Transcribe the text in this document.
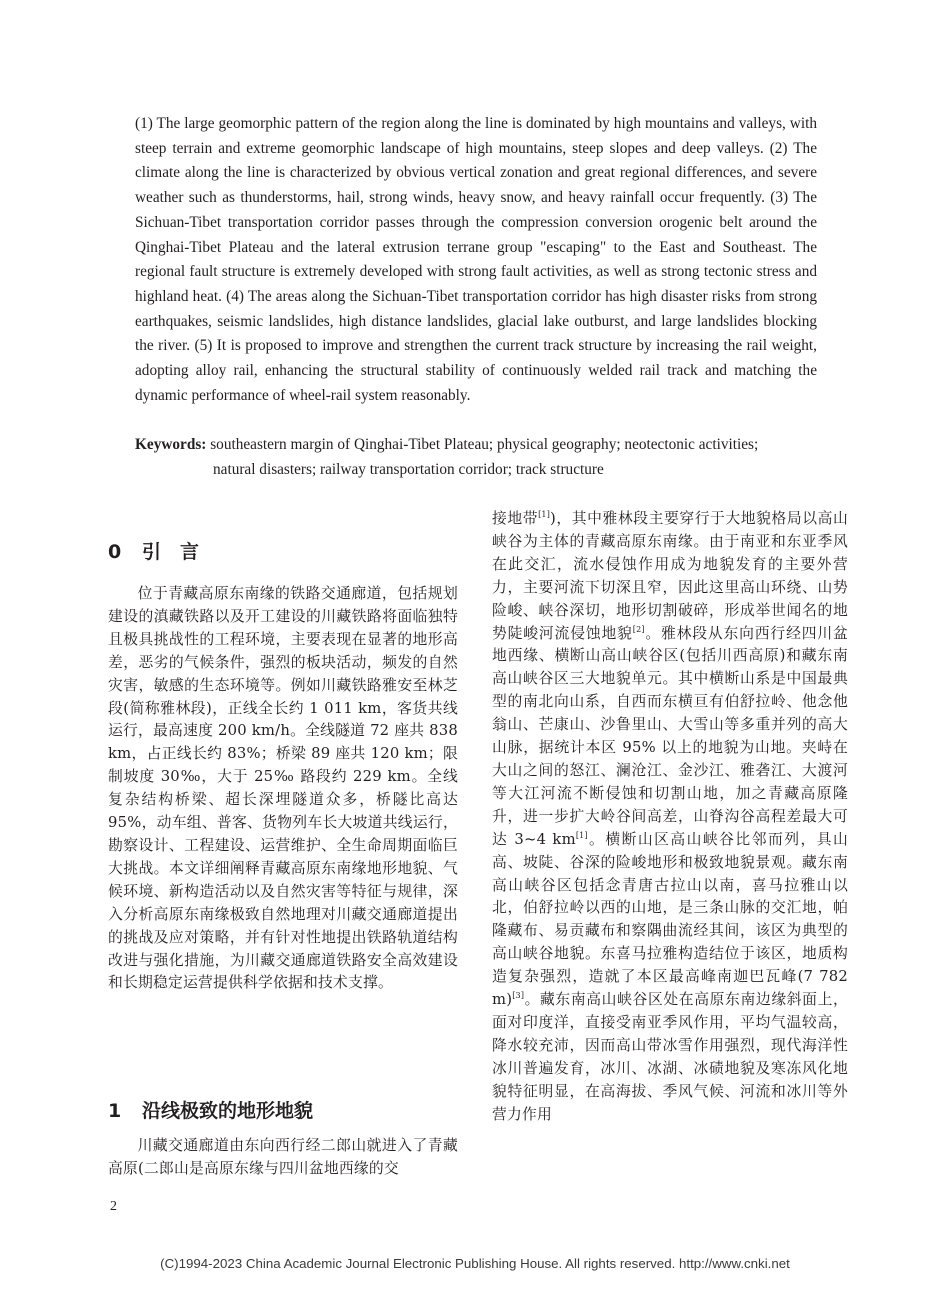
(1) The large geomorphic pattern of the region along the line is dominated by high mountains and valleys, with steep terrain and extreme geomorphic landscape of high mountains, steep slopes and deep valleys. (2) The climate along the line is characterized by obvious vertical zonation and great regional differences, and severe weather such as thunderstorms, hail, strong winds, heavy snow, and heavy rainfall occur frequently. (3) The Sichuan-Tibet transportation corridor passes through the compression conversion orogenic belt around the Qinghai-Tibet Plateau and the lateral extrusion terrane group "escaping" to the East and Southeast. The regional fault structure is extremely developed with strong fault activities, as well as strong tectonic stress and highland heat. (4) The areas along the Sichuan-Tibet transportation corridor has high disaster risks from strong earthquakes, seismic landslides, high distance landslides, glacial lake outburst, and large landslides blocking the river. (5) It is proposed to improve and strengthen the current track structure by increasing the rail weight, adopting alloy rail, enhancing the structural stability of continuously welded rail track and matching the dynamic performance of wheel-rail system reasonably.
Keywords: southeastern margin of Qinghai-Tibet Plateau; physical geography; neotectonic activities;
natural disasters; railway transportation corridor; track structure
0 引　言
位于青藏高原东南缘的铁路交通廊道，包括规划建设的滇藏铁路以及开工建设的川藏铁路将面临独特且极具挑战性的工程环境，主要表现在显著的地形高差，恶劣的气候条件，强烈的板块活动，频发的自然灾害，敏感的生态环境等。例如川藏铁路雅安至林芝段(简称雅林段)，正线全长约 1 011 km，客货共线运行，最高速度 200 km/h。全线隧道 72 座共 838 km，占正线长约 83%；桥梁 89 座共 120 km；限制坡度 30‰，大于 25‰ 路段约 229 km。全线复杂结构桥梁、超长深埋隧道众多，桥隧比高达 95%，动车组、普客、货物列车长大坡道共线运行，勘察设计、工程建设、运营维护、全生命周期面临巨大挑战。本文详细阐释青藏高原东南缘地形地貌、气候环境、新构造活动以及自然灾害等特征与规律，深入分析高原东南缘极致自然地理对川藏交通廊道提出的挑战及应对策略，并有针对性地提出铁路轨道结构改进与强化措施，为川藏交通廊道铁路安全高效建设和长期稳定运营提供科学依据和技术支撑。
1 沿线极致的地形地貌
川藏交通廊道由东向西行经二郎山就进入了青藏高原(二郎山是高原东缘与四川盆地西缘的交
接地带[1])，其中雅林段主要穿行于大地貌格局以高山峡谷为主体的青藏高原东南缘。由于南亚和东亚季风在此交汇，流水侵蚀作用成为地貌发育的主要外营力，主要河流下切深且窄，因此这里高山环绕、山势险峻、峡谷深切，地形切割破碎，形成举世闻名的地势陡峻河流侵蚀地貌[2]。雅林段从东向西行经四川盆地西缘、横断山高山峡谷区(包括川西高原)和藏东南高山峡谷区三大地貌单元。其中横断山系是中国最典型的南北向山系，自西而东横亘有伯舒拉岭、他念他翁山、芒康山、沙鲁里山、大雪山等多重并列的高大山脉，据统计本区 95% 以上的地貌为山地。夹峙在大山之间的怒江、澜沧江、金沙江、雅砻江、大渡河等大江河流不断侵蚀和切割山地，加之青藏高原隆升，进一步扩大岭谷间高差，山脊沟谷高程差最大可达 3~4 km[1]。横断山区高山峡谷比邻而列，具山高、坡陡、谷深的险峻地形和极致地貌景观。藏东南高山峡谷区包括念青唐古拉山以南，喜马拉雅山以北，伯舒拉岭以西的山地，是三条山脉的交汇地，帕隆藏布、易贡藏布和察隅曲流经其间，该区为典型的高山峡谷地貌。东喜马拉雅构造结位于该区，地质构造复杂强烈，造就了本区最高峰南迦巴瓦峰(7 782 m)[3]。藏东南高山峡谷区处在高原东南边缘斜面上，面对印度洋，直接受南亚季风作用，平均气温较高，降水较充沛，因而高山带冰雪作用强烈，现代海洋性冰川普遍发育，冰川、冰湖、冰碛地貌及寒冻风化地貌特征明显，在高海拔、季风气候、河流和冰川等外营力作用
2
(C)1994-2023 China Academic Journal Electronic Publishing House. All rights reserved. http://www.cnki.net
